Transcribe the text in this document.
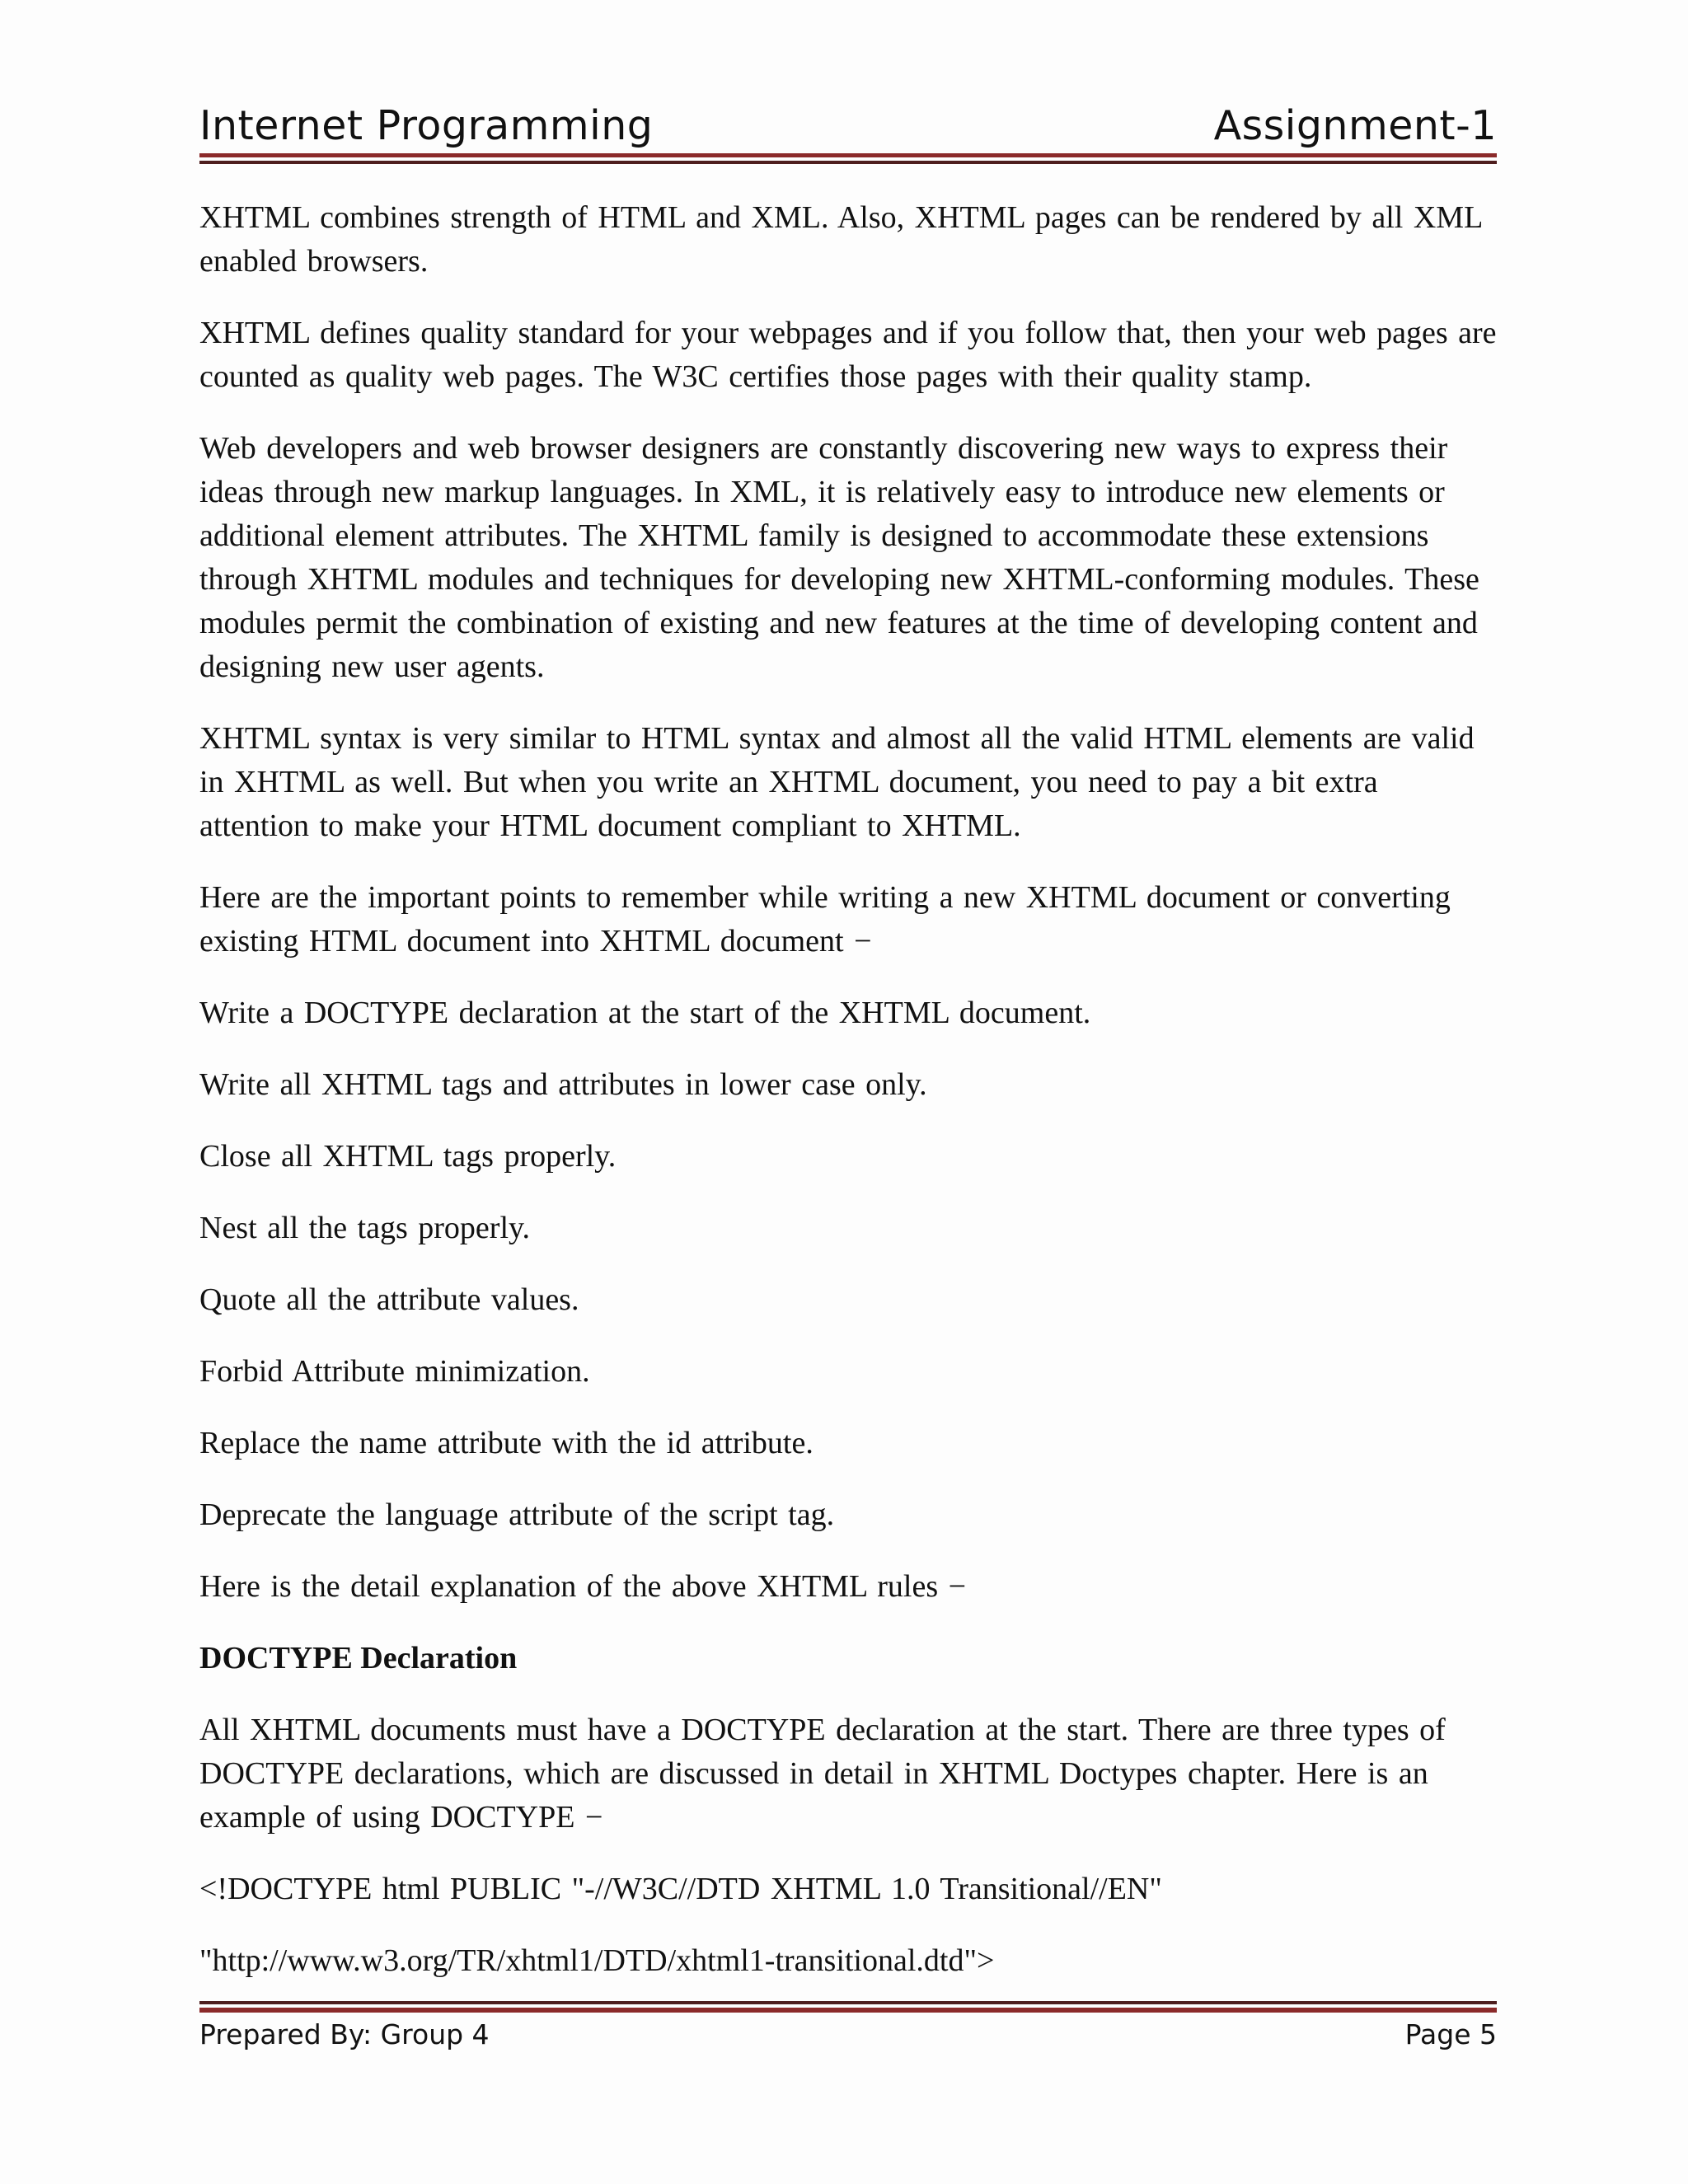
Internet Programming	Assignment-1

XHTML combines strength of HTML and XML. Also, XHTML pages can be rendered by all XML enabled browsers.

XHTML defines quality standard for your webpages and if you follow that, then your web pages are counted as quality web pages. The W3C certifies those pages with their quality stamp.

Web developers and web browser designers are constantly discovering new ways to express their ideas through new markup languages. In XML, it is relatively easy to introduce new elements or additional element attributes. The XHTML family is designed to accommodate these extensions through XHTML modules and techniques for developing new XHTML-conforming modules. These modules permit the combination of existing and new features at the time of developing content and designing new user agents.

XHTML syntax is very similar to HTML syntax and almost all the valid HTML elements are valid in XHTML as well. But when you write an XHTML document, you need to pay a bit extra attention to make your HTML document compliant to XHTML.

Here are the important points to remember while writing a new XHTML document or converting existing HTML document into XHTML document −

Write a DOCTYPE declaration at the start of the XHTML document.

Write all XHTML tags and attributes in lower case only.

Close all XHTML tags properly.

Nest all the tags properly.

Quote all the attribute values.

Forbid Attribute minimization.

Replace the name attribute with the id attribute.

Deprecate the language attribute of the script tag.

Here is the detail explanation of the above XHTML rules −

DOCTYPE Declaration

All XHTML documents must have a DOCTYPE declaration at the start. There are three types of DOCTYPE declarations, which are discussed in detail in XHTML Doctypes chapter. Here is an example of using DOCTYPE −

<!DOCTYPE html PUBLIC "-//W3C//DTD XHTML 1.0 Transitional//EN"

"http://www.w3.org/TR/xhtml1/DTD/xhtml1-transitional.dtd">

Prepared By: Group 4	Page 5
